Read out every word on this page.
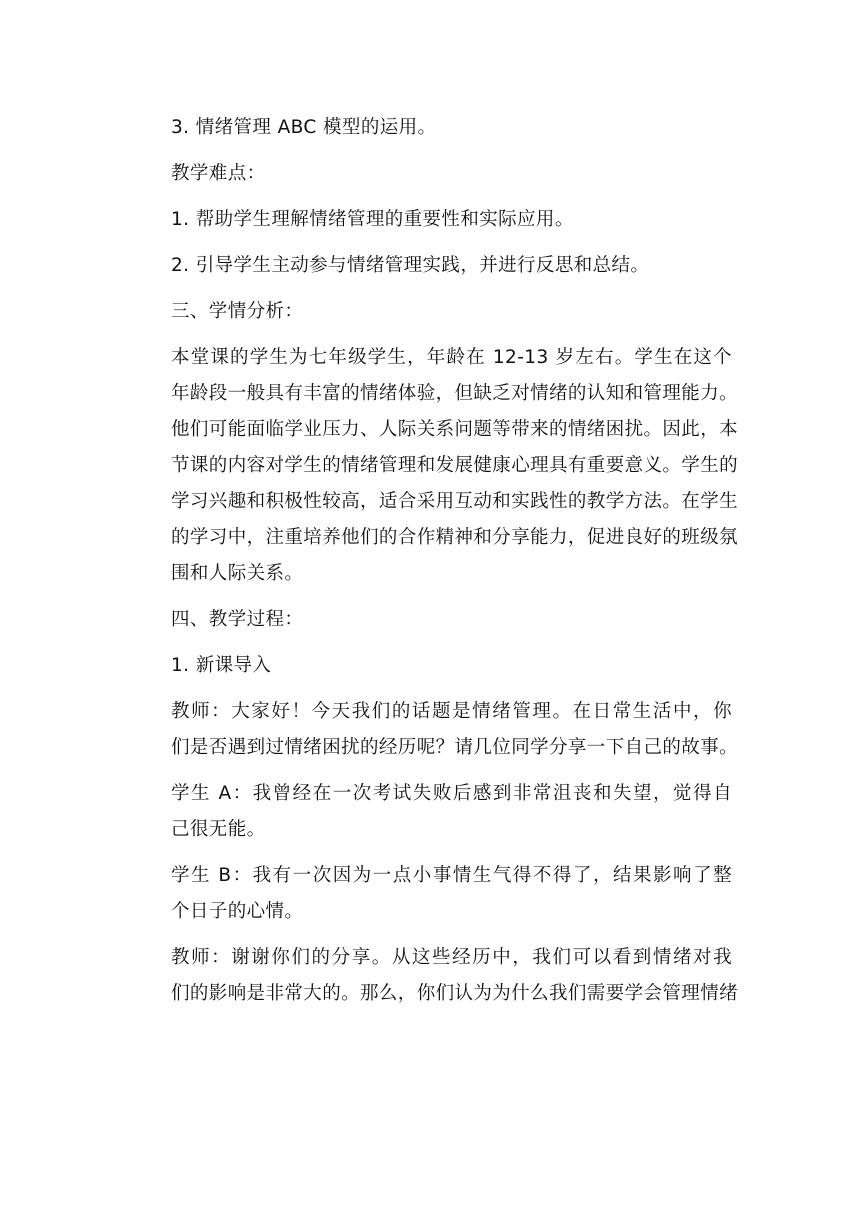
3. 情绪管理 ABC 模型的运用。

教学难点：

1. 帮助学生理解情绪管理的重要性和实际应用。

2. 引导学生主动参与情绪管理实践，并进行反思和总结。

三、学情分析：

本堂课的学生为七年级学生，年龄在 12-13 岁左右。学生在这个
年龄段一般具有丰富的情绪体验，但缺乏对情绪的认知和管理能力。
他们可能面临学业压力、人际关系问题等带来的情绪困扰。因此，本
节课的内容对学生的情绪管理和发展健康心理具有重要意义。学生的
学习兴趣和积极性较高，适合采用互动和实践性的教学方法。在学生
的学习中，注重培养他们的合作精神和分享能力，促进良好的班级氛
围和人际关系。

四、教学过程：

1. 新课导入

教师：大家好！今天我们的话题是情绪管理。在日常生活中，你
们是否遇到过情绪困扰的经历呢？请几位同学分享一下自己的故事。

学生 A：我曾经在一次考试失败后感到非常沮丧和失望，觉得自
己很无能。

学生 B：我有一次因为一点小事情生气得不得了，结果影响了整
个日子的心情。

教师：谢谢你们的分享。从这些经历中，我们可以看到情绪对我
们的影响是非常大的。那么，你们认为为什么我们需要学会管理情绪
